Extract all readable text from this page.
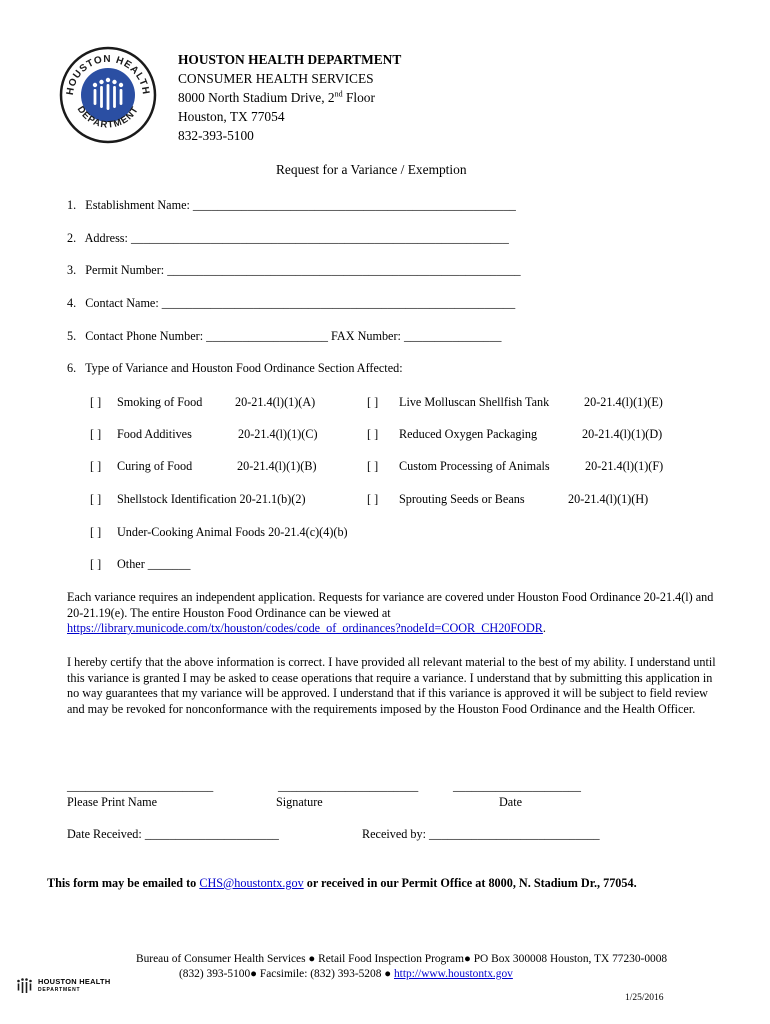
HOUSTON HEALTH
DEPARTMENT
HOUSTON HEALTH DEPARTMENT
CONSUMER HEALTH SERVICES
8000 North Stadium Drive, 2nd Floor
Houston, TX 77054
832-393-5100
Request for a Variance / Exemption
1. Establishment Name: _____________________________________________________
2. Address: ______________________________________________________________
3. Permit Number: __________________________________________________________
4. Contact Name: __________________________________________________________
5. Contact Phone Number: ____________________ FAX Number: ________________
6. Type of Variance and Houston Food Ordinance Section Affected:
[ ] Smoking of Food	20-21.4(l)(1)(A)	[ ] Live Molluscan Shellfish Tank	20-21.4(l)(1)(E)
[ ] Food Additives	20-21.4(l)(1)(C)	[ ] Reduced Oxygen Packaging	20-21.4(l)(1)(D)
[ ] Curing of Food	20-21.4(l)(1)(B)	[ ] Custom Processing of Animals	20-21.4(l)(1)(F)
[ ] Shellstock Identification 20-21.1(b)(2)	[ ] Sprouting Seeds or Beans	20-21.4(l)(1)(H)
[ ] Under-Cooking Animal Foods 20-21.4(c)(4)(b)
[ ] Other _______
Each variance requires an independent application. Requests for variance are covered under Houston Food Ordinance 20-21.4(l) and 20-21.19(e). The entire Houston Food Ordinance can be viewed at
https://library.municode.com/tx/houston/codes/code_of_ordinances?nodeId=COOR_CH20FODR.
I hereby certify that the above information is correct. I have provided all relevant material to the best of my ability. I understand until this variance is granted I may be asked to cease operations that require a variance. I understand that by submitting this application in no way guarantees that my variance will be approved. I understand that if this variance is approved it will be subject to field review and may be revoked for nonconformance with the requirements imposed by the Houston Food Ordinance and the Health Officer.
________________________	_______________________	_____________________
Please Print Name	Signature	Date
Date Received: ______________________	Received by: ____________________________
This form may be emailed to CHS@houstontx.gov or received in our Permit Office at 8000, N. Stadium Dr., 77054.
Bureau of Consumer Health Services ● Retail Food Inspection Program● PO Box 300008 Houston, TX 77230-0008
(832) 393-5100● Facsimile: (832) 393-5208 ● http://www.houstontx.gov
HOUSTON HEALTH
DEPARTMENT
1/25/2016
